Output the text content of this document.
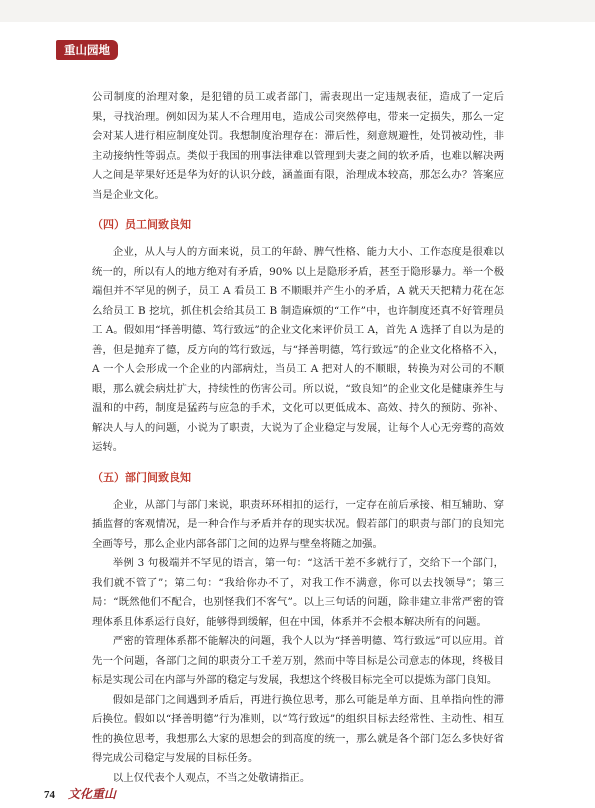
重山园地

公司制度的治理对象，是犯错的员工或者部门，需表现出一定违规表征，造成了一定后果，寻找治理。例如因为某人不合理用电，造成公司突然停电，带来一定损失，那么一定会对某人进行相应制度处罚。我想制度治理存在：滞后性，刻意规避性，处罚被动性，非主动接纳性等弱点。类似于我国的刑事法律难以管理到夫妻之间的软矛盾，也难以解决两人之间是苹果好还是华为好的认识分歧，涵盖面有限，治理成本较高，那怎么办？答案应当是企业文化。

（四）员工间致良知

企业，从人与人的方面来说，员工的年龄、脾气性格、能力大小、工作态度是很难以统一的，所以有人的地方绝对有矛盾，90% 以上是隐形矛盾，甚至于隐形暴力。举一个极端但并不罕见的例子，员工 A 看员工 B 不顺眼并产生小的矛盾，A 就天天把精力花在怎么给员工 B 挖坑，抓住机会给其员工 B 制造麻烦的“工作”中，也许制度还真不好管理员工 A。假如用“择善明德、笃行致远”的企业文化来评价员工 A，首先 A 选择了自以为是的善，但是抛弃了德，反方向的笃行致远，与“择善明德，笃行致远”的企业文化格格不入，A 一个人会形成一个企业的内部病灶，当员工 A 把对人的不顺眼，转换为对公司的不顺眼，那么就会病灶扩大，持续性的伤害公司。所以说，“致良知”的企业文化是健康养生与温和的中药，制度是猛药与应急的手术，文化可以更低成本、高效、持久的预防、弥补、解决人与人的问题，小说为了职责，大说为了企业稳定与发展，让每个人心无旁骛的高效运转。

（五）部门间致良知

企业，从部门与部门来说，职责环环相扣的运行，一定存在前后承接、相互辅助、穿插监督的客观情况，是一种合作与矛盾并存的现实状况。假若部门的职责与部门的良知完全画等号，那么企业内部各部门之间的边界与壁垒将随之加强。

举例 3 句极端并不罕见的语言，第一句：“这活干差不多就行了，交给下一个部门，我们就不管了”；第二句：“我给你办不了，对我工作不满意，你可以去找领导”；第三局：“既然他们不配合，也别怪我们不客气”。以上三句话的问题，除非建立非常严密的管理体系且体系运行良好，能够得到缓解，但在中国，体系并不会根本解决所有的问题。

严密的管理体系都不能解决的问题，我个人以为“择善明德、笃行致远”可以应用。首先一个问题，各部门之间的职责分工千差万别，然而中等目标是公司意志的体现，终极目标是实现公司在内部与外部的稳定与发展，我想这个终极目标完全可以提炼为部门良知。

假如是部门之间遇到矛盾后，再进行换位思考，那么可能是单方面、且单指向性的滞后换位。假如以“择善明德”行为准则，以“笃行致远”的组织目标去经常性、主动性、相互性的换位思考，我想那么大家的思想会的到高度的统一，那么就是各个部门怎么多快好省得完成公司稳定与发展的目标任务。

以上仅代表个人观点，不当之处敬请指正。

74 文化重山
